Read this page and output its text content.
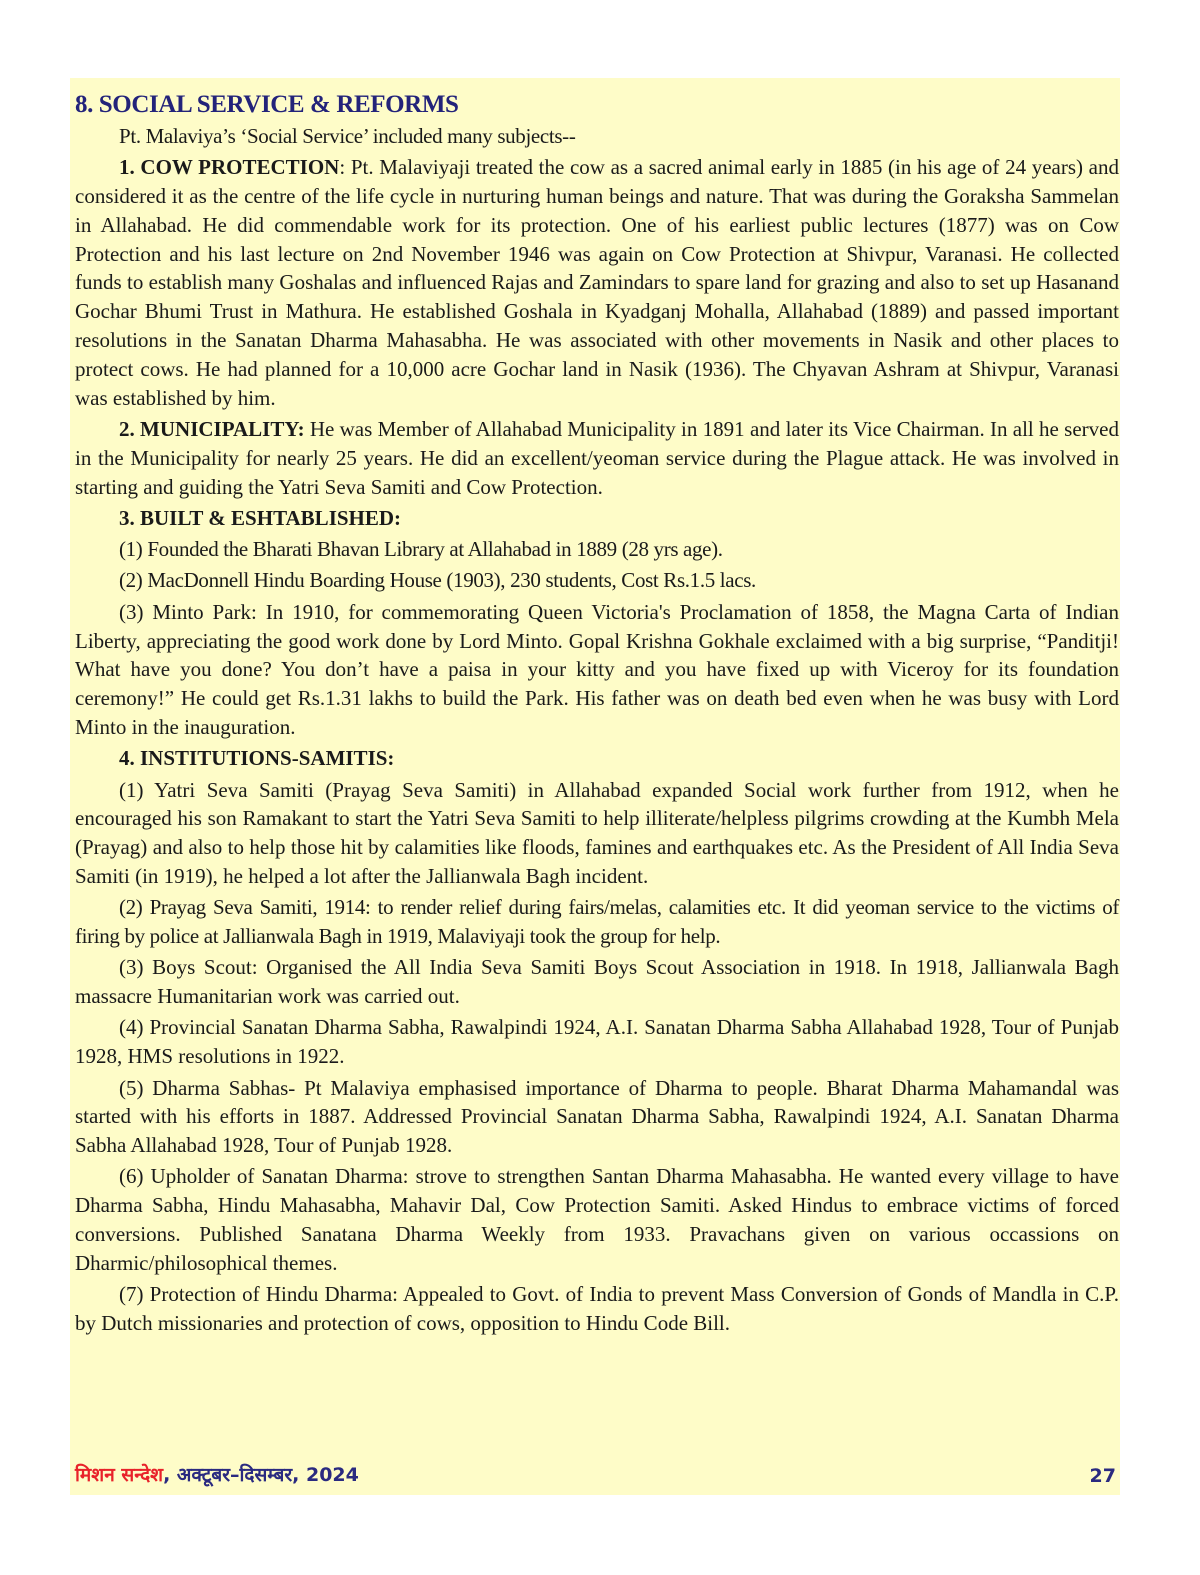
8. SOCIAL SERVICE & REFORMS

Pt. Malaviya’s ‘Social Service’ included many subjects--

1. COW PROTECTION: Pt. Malaviyaji treated the cow as a sacred animal early in 1885 (in his age of 24 years) and considered it as the centre of the life cycle in nurturing human beings and nature. That was during the Goraksha Sammelan in Allahabad. He did commendable work for its protection. One of his earliest public lectures (1877) was on Cow Protection and his last lecture on 2nd November 1946 was again on Cow Protection at Shivpur, Varanasi. He collected funds to establish many Goshalas and influenced Rajas and Zamindars to spare land for grazing and also to set up Hasanand Gochar Bhumi Trust in Mathura. He established Goshala in Kyadganj Mohalla, Allahabad (1889) and passed important resolutions in the Sanatan Dharma Mahasabha. He was associated with other movements in Nasik and other places to protect cows. He had planned for a 10,000 acre Gochar land in Nasik (1936). The Chyavan Ashram at Shivpur, Varanasi was established by him.

2. MUNICIPALITY: He was Member of Allahabad Municipality in 1891 and later its Vice Chairman. In all he served in the Municipality for nearly 25 years. He did an excellent/yeoman service during the Plague attack. He was involved in starting and guiding the Yatri Seva Samiti and Cow Protection.

3. BUILT & ESHTABLISHED:

(1) Founded the Bharati Bhavan Library at Allahabad in 1889 (28 yrs age).

(2) MacDonnell Hindu Boarding House (1903), 230 students, Cost Rs.1.5 lacs.

(3) Minto Park: In 1910, for commemorating Queen Victoria's Proclamation of 1858, the Magna Carta of Indian Liberty, appreciating the good work done by Lord Minto. Gopal Krishna Gokhale exclaimed with a big surprise, “Panditji! What have you done? You don’t have a paisa in your kitty and you have fixed up with Viceroy for its foundation ceremony!” He could get Rs.1.31 lakhs to build the Park. His father was on death bed even when he was busy with Lord Minto in the inauguration.

4. INSTITUTIONS-SAMITIS:

(1) Yatri Seva Samiti (Prayag Seva Samiti) in Allahabad expanded Social work further from 1912, when he encouraged his son Ramakant to start the Yatri Seva Samiti to help illiterate/helpless pilgrims crowding at the Kumbh Mela (Prayag) and also to help those hit by calamities like floods, famines and earthquakes etc. As the President of All India Seva Samiti (in 1919), he helped a lot after the Jallianwala Bagh incident.

(2) Prayag Seva Samiti, 1914: to render relief during fairs/melas, calamities etc. It did yeoman service to the victims of firing by police at Jallianwala Bagh in 1919, Malaviyaji took the group for help.

(3) Boys Scout: Organised the All India Seva Samiti Boys Scout Association in 1918. In 1918, Jallianwala Bagh massacre Humanitarian work was carried out.

(4) Provincial Sanatan Dharma Sabha, Rawalpindi 1924, A.I. Sanatan Dharma Sabha Allahabad 1928, Tour of Punjab 1928, HMS resolutions in 1922.

(5) Dharma Sabhas- Pt Malaviya emphasised importance of Dharma to people. Bharat Dharma Mahamandal was started with his efforts in 1887. Addressed Provincial Sanatan Dharma Sabha, Rawalpindi 1924, A.I. Sanatan Dharma Sabha Allahabad 1928, Tour of Punjab 1928.

(6) Upholder of Sanatan Dharma: strove to strengthen Santan Dharma Mahasabha. He wanted every village to have Dharma Sabha, Hindu Mahasabha, Mahavir Dal, Cow Protection Samiti. Asked Hindus to embrace victims of forced conversions. Published Sanatana Dharma Weekly from 1933. Pravachans given on various occassions on Dharmic/philosophical themes.

(7) Protection of Hindu Dharma: Appealed to Govt. of India to prevent Mass Conversion of Gonds of Mandla in C.P. by Dutch missionaries and protection of cows, opposition to Hindu Code Bill.

मिशन सन्देश, अक्टूबर–दिसम्बर, 2024	27
